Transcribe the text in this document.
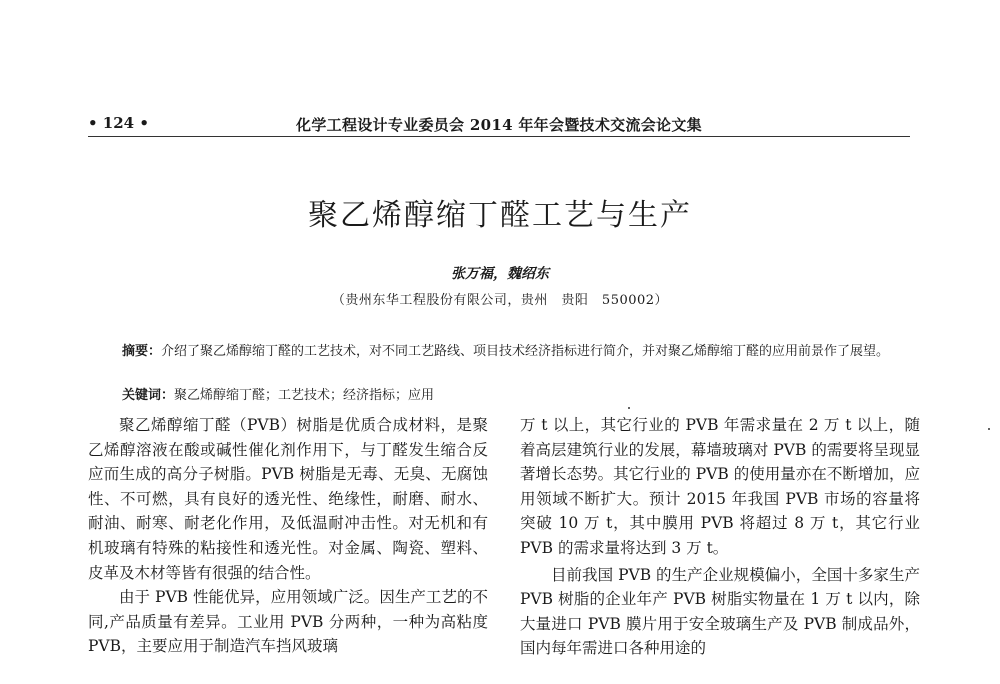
• 124 •	化学工程设计专业委员会 2014 年年会暨技术交流会论文集
聚乙烯醇缩丁醛工艺与生产
张万福，魏绍东
（贵州东华工程股份有限公司，贵州　贵阳　550002）
摘要：介绍了聚乙烯醇缩丁醛的工艺技术，对不同工艺路线、项目技术经济指标进行简介，并对聚乙烯醇缩丁醛的应用前景作了展望。
关键词：聚乙烯醇缩丁醛；工艺技术；经济指标；应用

聚乙烯醇缩丁醛（PVB）树脂是优质合成材料，是聚乙烯醇溶液在酸或碱性催化剂作用下，与丁醛发生缩合反应而生成的高分子树脂。PVB 树脂是无毒、无臭、无腐蚀性、不可燃，具有良好的透光性、绝缘性，耐磨、耐水、耐油、耐寒、耐老化作用，及低温耐冲击性。对无机和有机玻璃有特殊的粘接性和透光性。对金属、陶瓷、塑料、皮革及木材等皆有很强的结合性。

由于 PVB 性能优异，应用领域广泛。因生产工艺的不同,产品质量有差异。工业用 PVB 分两种，一种为高粘度 PVB，主要应用于制造汽车挡风玻璃

万 t 以上，其它行业的 PVB 年需求量在 2 万 t 以上，随着高层建筑行业的发展，幕墙玻璃对 PVB 的需要将呈现显著增长态势。其它行业的 PVB 的使用量亦在不断增加，应用领域不断扩大。预计 2015 年我国 PVB 市场的容量将突破 10 万 t，其中膜用 PVB 将超过 8 万 t，其它行业 PVB 的需求量将达到 3 万 t。

目前我国 PVB 的生产企业规模偏小，全国十多家生产 PVB 树脂的企业年产 PVB 树脂实物量在 1 万 t 以内，除大量进口 PVB 膜片用于安全玻璃生产及 PVB 制成品外，国内每年需进口各种用途的
